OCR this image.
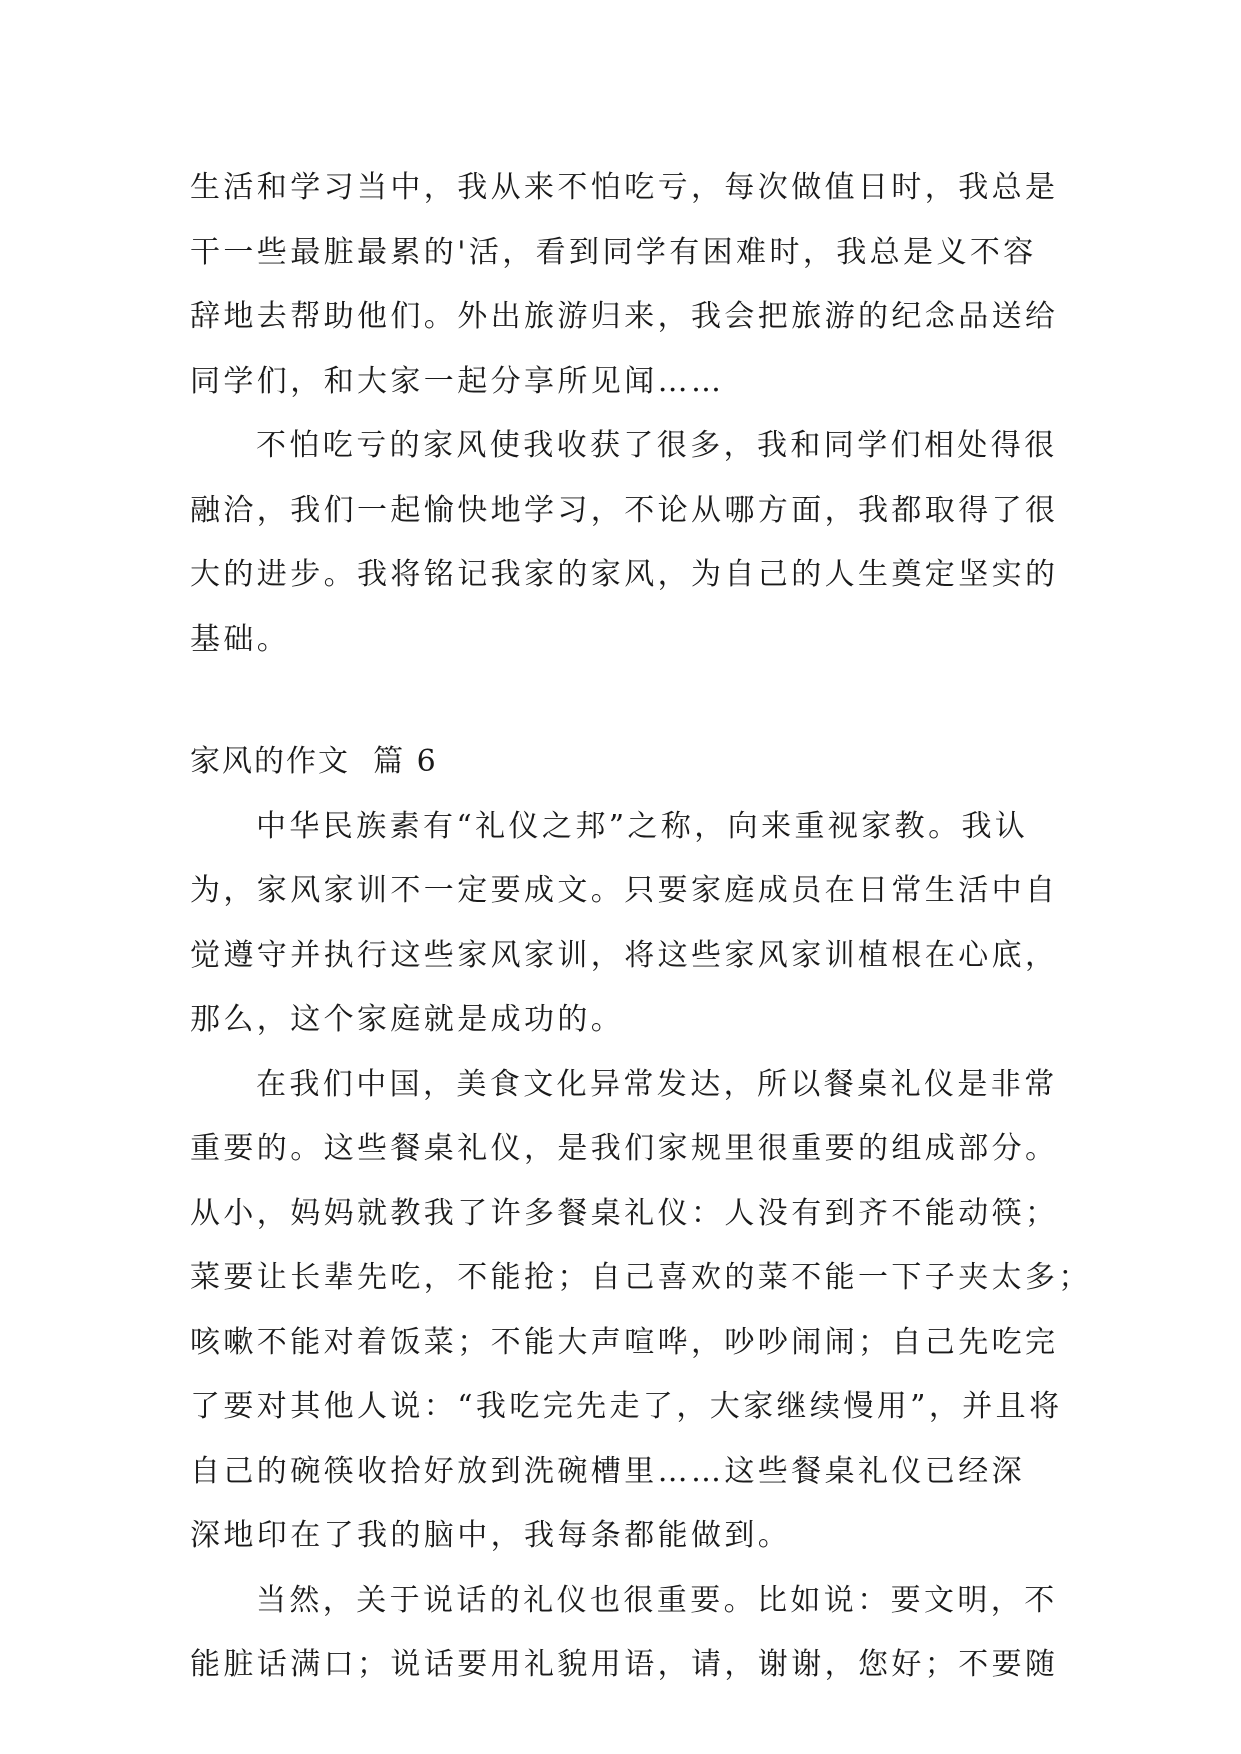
生活和学习当中，我从来不怕吃亏，每次做值日时，我总是
干一些最脏最累的'活，看到同学有困难时，我总是义不容
辞地去帮助他们。外出旅游归来，我会把旅游的纪念品送给
同学们，和大家一起分享所见闻……

不怕吃亏的家风使我收获了很多，我和同学们相处得很
融洽，我们一起愉快地学习，不论从哪方面，我都取得了很
大的进步。我将铭记我家的家风，为自己的人生奠定坚实的
基础。

家风的作文  篇 6

中华民族素有“礼仪之邦”之称，向来重视家教。我认
为，家风家训不一定要成文。只要家庭成员在日常生活中自
觉遵守并执行这些家风家训，将这些家风家训植根在心底，
那么，这个家庭就是成功的。

在我们中国，美食文化异常发达，所以餐桌礼仪是非常
重要的。这些餐桌礼仪，是我们家规里很重要的组成部分。
从小，妈妈就教我了许多餐桌礼仪：人没有到齐不能动筷；
菜要让长辈先吃，不能抢；自己喜欢的菜不能一下子夹太多；
咳嗽不能对着饭菜；不能大声喧哗，吵吵闹闹；自己先吃完
了要对其他人说：“我吃完先走了，大家继续慢用”，并且将
自己的碗筷收拾好放到洗碗槽里……这些餐桌礼仪已经深
深地印在了我的脑中，我每条都能做到。

当然，关于说话的礼仪也很重要。比如说：要文明，不
能脏话满口；说话要用礼貌用语，请，谢谢，您好；不要随
